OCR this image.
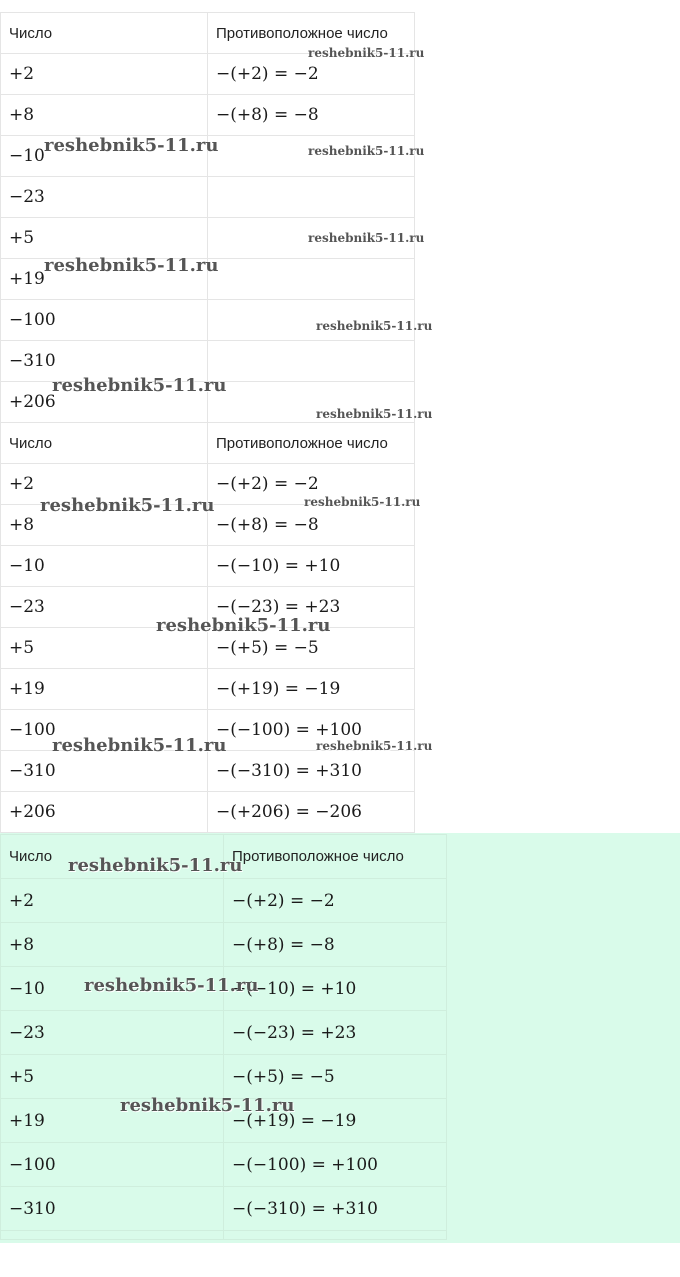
Число	Противоположное число
+2	−(+2) = −2
+8	−(+8) = −8
−10	
−23	
+5	
+19	
−100	
−310	
+206	
Число	Противоположное число
+2	−(+2) = −2
+8	−(+8) = −8
−10	−(−10) = +10
−23	−(−23) = +23
+5	−(+5) = −5
+19	−(+19) = −19
−100	−(−100) = +100
−310	−(−310) = +310
+206	−(+206) = −206
Число	Противоположное число
+2	−(+2) = −2
+8	−(+8) = −8
−10	−(−10) = +10
−23	−(−23) = +23
+5	−(+5) = −5
+19	−(+19) = −19
−100	−(−100) = +100
−310	−(−310) = +310

reshebnik5-11.ru
reshebnik5-11.ru	reshebnik5-11.ru
reshebnik5-11.ru
reshebnik5-11.ru
reshebnik5-11.ru
reshebnik5-11.ru
reshebnik5-11.ru
reshebnik5-11.ru
reshebnik5-11.ru
reshebnik5-11.ru
reshebnik5-11.ru	reshebnik5-11.ru
reshebnik5-11.ru
reshebnik5-11.ru
reshebnik5-11.ru
